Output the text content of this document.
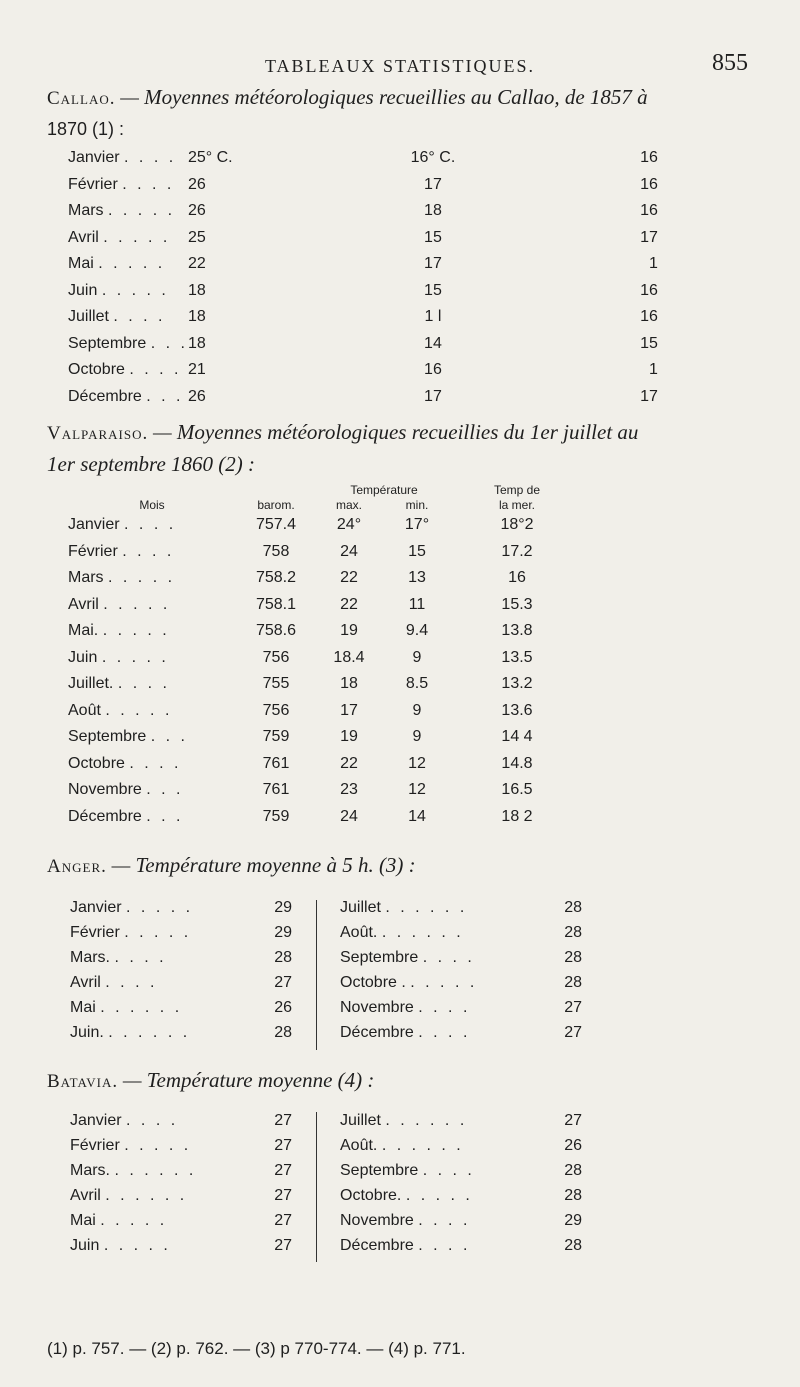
TABLEAUX STATISTIQUES.	855
Callao. — Moyennes météorologiques recueillies au Callao, de 1857 à
1870 (1) :
Janvier . . . .	25° C.	16° C.	16
Février . . . .	26	17	16
Mars . . . . .	26	18	16
Avril . . . . .	25	15	17
Mai . . . . .	22	17	1
Juin . . . . .	18	15	16
Juillet . . . .	18	1 l	16
Septembre . . .	18	14	15
Octobre . . . .	21	16	1
Décembre . . .	26	17	17
Valparaiso. — Moyennes météorologiques recueillies du 1er juillet au
1er septembre 1860 (2) :
		Température		Temp de
Mois	barom.	max.	min.	la mer.
Janvier . . . .	757.4	24°	17°	18°2
Février . . . .	758	24	15	17.2
Mars . . . . .	758.2	22	13	16
Avril . . . . .	758.1	22	11	15.3
Mai. . . . . .	758.6	19	9.4	13.8
Juin . . . . .	756	18.4	9	13.5
Juillet. . . . .	755	18	8.5	13.2
Août . . . . .	756	17	9	13.6
Septembre . . .	759	19	9	14 4
Octobre . . . .	761	22	12	14.8
Novembre . . .	761	23	12	16.5
Décembre . . .	759	24	14	18 2
Anger. — Température moyenne à 5 h. (3) :
Janvier . . . . .	29
Février . . . . .	29
Mars. . . . .	28
Avril . . . .	27
Mai . . . . . .	26
Juin. . . . . . .	28
Juillet . . . . . .	28
Août. . . . . . .	28
Septembre . . . .	28
Octobre . . . . . .	28
Novembre . . . .	27
Décembre . . . .	27
Batavia. — Température moyenne (4) :
Janvier . . . .	27
Février . . . . .	27
Mars. . . . . . .	27
Avril . . . . . .	27
Mai . . . . .	27
Juin . . . . .	27
Juillet . . . . . .	27
Août. . . . . . .	26
Septembre . . . .	28
Octobre. . . . . .	28
Novembre . . . .	29
Décembre . . . .	28
(1) p. 757. — (2) p. 762. — (3) p 770-774. — (4) p. 771.
